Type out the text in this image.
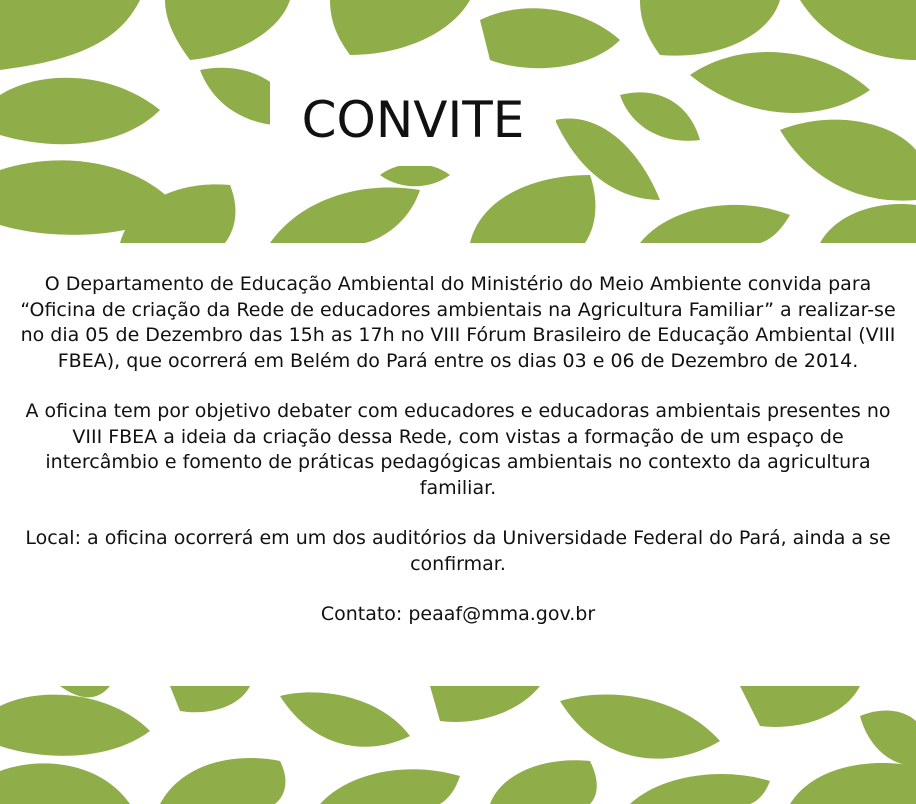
CONVITE

O Departamento de Educação Ambiental do Ministério do Meio Ambiente convida para “Oficina de criação da Rede de educadores ambientais na Agricultura Familiar” a realizar-se no dia 05 de Dezembro das 15h as 17h no VIII Fórum Brasileiro de Educação Ambiental (VIII FBEA), que ocorrerá em Belém do Pará entre os dias 03 e 06 de Dezembro de 2014.

A oficina tem por objetivo debater com educadores e educadoras ambientais presentes no VIII FBEA a ideia da criação dessa Rede, com vistas a formação de um espaço de intercâmbio e fomento de práticas pedagógicas ambientais no contexto da agricultura familiar.

Local: a oficina ocorrerá em um dos auditórios da Universidade Federal do Pará, ainda a se confirmar.

Contato: peaaf@mma.gov.br
